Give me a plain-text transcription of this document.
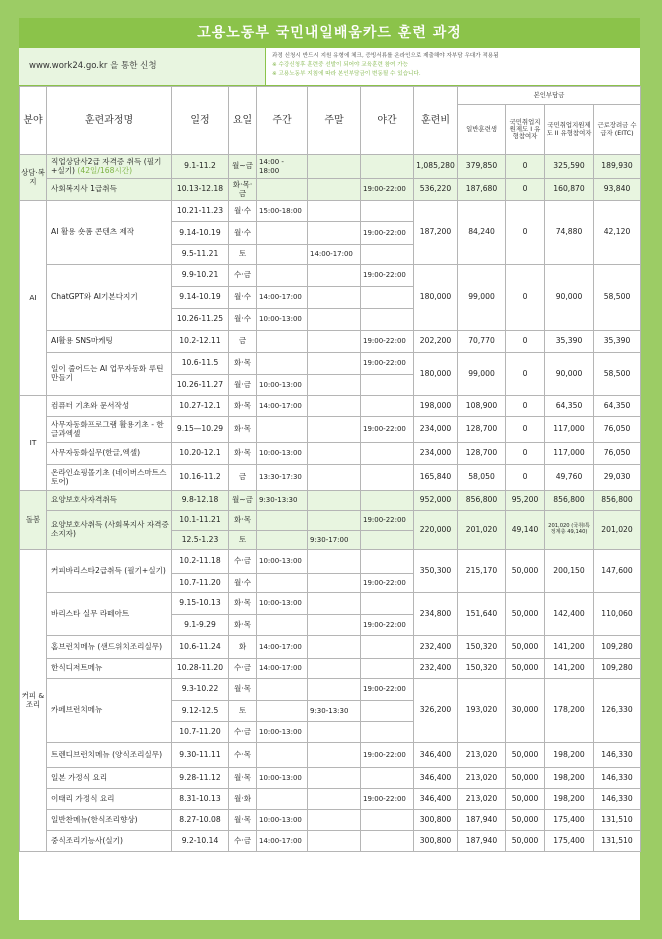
고용노동부 국민내일배움카드 훈련 과정
www.work24.go.kr 을 통한 신청
과정 신청시 반드시 지원 유형에 체크, 증빙서류를 온라인으로 제출해야 자부담 우대가 적용됨
※ 수강신청후 훈련중 선발이 되어야 교육훈련 참여 가능
※ 고용노동부 지침에 따라 본인부담금이 변동될 수 있습니다.
분야	훈련과정명	일정	요일	주간	주말	야간	훈련비	본인부담금			
								일반훈련생	국민취업지원제도 I 유형참여자	국민취업지원제도 II 유형참여자	근로장려금 수급자 (EITC)
상담·복지	직업상담사2급 자격증 취득 (필기+실기) (42일/168시간)	9.1-11.2	월~금	14:00 - 18:00			1,085,280	379,850	0	325,590	189,930
	사회복지사 1급취득	10.13-12.18	화·목·금			19:00-22:00	536,220	187,680	0	160,870	93,840
AI	AI 활용 숏폼 콘텐츠 제작	10.21-11.23	월·수	15:00-18:00			187,200	84,240	0	74,880	42,120
		9.14-10.19	월·수			19:00-22:00					
		9.5-11.21	토		14:00-17:00						
	ChatGPT와 AI기본다지기	9.9-10.21	수·금			19:00-22:00	180,000	99,000	0	90,000	58,500
		9.14-10.19	월·수	14:00-17:00							
		10.26-11.25	월·수	10:00-13:00							
	AI활용 SNS마케팅	10.2-12.11	금			19:00-22:00	202,200	70,770	0	35,390	35,390
	일이 줄어드는 AI 업무자동화 루틴만들기	10.6-11.5	화·목			19:00-22:00	180,000	99,000	0	90,000	58,500
		10.26-11.27	월·금	10:00-13:00							
IT	컴퓨터 기초와 문서작성	10.27-12.1	화·목	14:00-17:00			198,000	108,900	0	64,350	64,350
	사무자동화프로그램 활용기초 - 한글과엑셀	9.15—10.29	화·목			19:00-22:00	234,000	128,700	0	117,000	76,050
	사무자동화실무(한글,엑셀)	10.20-12.1	화·목	10:00-13:00			234,000	128,700	0	117,000	76,050
	온라인쇼핑몰기초 (네이버스마트스토어)	10.16-11.2	금	13:30-17:30			165,840	58,050	0	49,760	29,030
돌봄	요양보호사자격취득	9.8-12.18	월~금	9:30-13:30			952,000	856,800	95,200	856,800	856,800
	요양보호사취득 (사회복지사 자격증 소지자)	10.1-11.21	화·목			19:00-22:00	220,000	201,020	49,140	201,020 (국취Ⅰ특정계층 49,140)	201,020
		12.5-1.23	토		9:30-17:00						
커피 & 조리	커피바리스타2급취득 (필기+실기)	10.2-11.18	수·금	10:00-13:00			350,300	215,170	50,000	200,150	147,600
		10.7-11.20	월·수			19:00-22:00					
	바리스타 실무 라떼아트	9.15-10.13	화·목	10:00-13:00			234,800	151,640	50,000	142,400	110,060
		9.1-9.29	화·목			19:00-22:00					
	홈브런치메뉴 (샌드위치조리실무)	10.6-11.24	화	14:00-17:00			232,400	150,320	50,000	141,200	109,280
	한식디저트메뉴	10.28-11.20	수·금	14:00-17:00			232,400	150,320	50,000	141,200	109,280
	카페브런치메뉴	9.3-10.22	월·목			19:00-22:00	326,200	193,020	30,000	178,200	126,330
		9.12-12.5	토		9:30-13:30						
		10.7-11.20	수·금	10:00-13:00							
	트렌디브런치메뉴 (양식조리실무)	9.30-11.11	수·목			19:00-22:00	346,400	213,020	50,000	198,200	146,330
	일본 가정식 요리	9.28-11.12	월·목	10:00-13:00			346,400	213,020	50,000	198,200	146,330
	이태리 가정식 요리	8.31-10.13	월·화			19:00-22:00	346,400	213,020	50,000	198,200	146,330
	일반찬메뉴(한식조리향상)	8.27-10.08	월·목	10:00-13:00			300,800	187,940	50,000	175,400	131,510
	중식조리기능사(실기)	9.2-10.14	수·금	14:00-17:00			300,800	187,940	50,000	175,400	131,510
